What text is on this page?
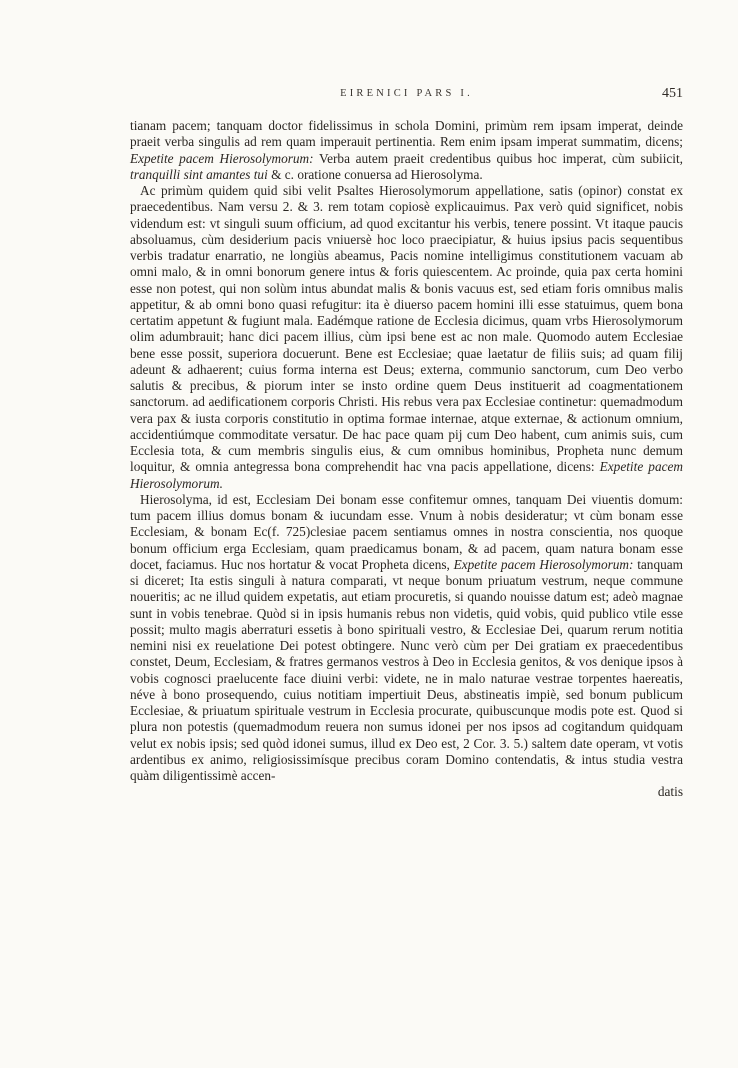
EIRENICI PARS I.	451

tianam pacem; tanquam doctor fidelissimus in schola Domini, primùm rem ipsam imperat, deinde praeit verba singulis ad rem quam imperauit pertinentia. Rem enim ipsam imperat summatim, dicens; Expetite pacem Hierosolymorum: Verba autem praeit credentibus quibus hoc imperat, cùm subiicit, tranquilli sint amantes tui & c. oratione conuersa ad Hierosolyma.

Ac primùm quidem quid sibi velit Psaltes Hierosolymorum appellatione, satis (opinor) constat ex praecedentibus. Nam versu 2. & 3. rem totam copiosè explicauimus. Pax verò quid significet, nobis videndum est: vt singuli suum officium, ad quod excitantur his verbis, tenere possint. Vt itaque paucis absoluamus, cùm desiderium pacis vniuersè hoc loco praecipiatur, & huius ipsius pacis sequentibus verbis tradatur enarratio, ne longiùs abeamus, Pacis nomine intelligimus constitutionem vacuam ab omni malo, & in omni bonorum genere intus & foris quiescentem. Ac proinde, quia pax certa homini esse non potest, qui non solùm intus abundat malis & bonis vacuus est, sed etiam foris omnibus malis appetitur, & ab omni bono quasi refugitur: ita è diuerso pacem homini illi esse statuimus, quem bona certatim appetunt & fugiunt mala. Eadémque ratione de Ecclesia dicimus, quam vrbs Hierosolymorum olim adumbrauit; hanc dici pacem illius, cùm ipsi bene est ac non male. Quomodo autem Ecclesiae bene esse possit, superiora docuerunt. Bene est Ecclesiae; quae laetatur de filiis suis; ad quam filij adeunt & adhaerent; cuius forma interna est Deus; externa, communio sanctorum, cum Deo verbo salutis & precibus, & piorum inter se insto ordine quem Deus instituerit ad coagmentationem sanctorum. ad aedificationem corporis Christi. His rebus vera pax Ecclesiae continetur: quemadmodum vera pax & iusta corporis constitutio in optima formae internae, atque externae, & actionum omnium, accidentiúmque commoditate versatur. De hac pace quam pij cum Deo habent, cum animis suis, cum Ecclesia tota, & cum membris singulis eius, & cum omnibus hominibus, Propheta nunc demum loquitur, & omnia antegressa bona comprehendit hac vna pacis appellatione, dicens: Expetite pacem Hierosolymorum.

Hierosolyma, id est, Ecclesiam Dei bonam esse confitemur omnes, tanquam Dei viuentis domum: tum pacem illius domus bonam & iucundam esse. Vnum à nobis desideratur; vt cùm bonam esse Ecclesiam, & bonam Ec(f. 725)clesiae pacem sentiamus omnes in nostra conscientia, nos quoque bonum officium erga Ecclesiam, quam praedicamus bonam, & ad pacem, quam natura bonam esse docet, faciamus. Huc nos hortatur & vocat Propheta dicens, Expetite pacem Hierosolymorum: tanquam si diceret; Ita estis singuli à natura comparati, vt neque bonum priuatum vestrum, neque commune noueritis; ac ne illud quidem expetatis, aut etiam procuretis, si quando nouisse datum est; adeò magnae sunt in vobis tenebrae. Quòd si in ipsis humanis rebus non videtis, quid vobis, quid publico vtile esse possit; multo magis aberraturi essetis à bono spirituali vestro, & Ecclesiae Dei, quarum rerum notitia nemini nisi ex reuelatione Dei potest obtingere. Nunc verò cùm per Dei gratiam ex praecedentibus constet, Deum, Ecclesiam, & fratres germanos vestros à Deo in Ecclesia genitos, & vos denique ipsos à vobis cognosci praelucente face diuini verbi: videte, ne in malo naturae vestrae torpentes haereatis, néve à bono prosequendo, cuius notitiam impertiuit Deus, abstineatis impiè, sed bonum publicum Ecclesiae, & priuatum spirituale vestrum in Ecclesia procurate, quibuscunque modis pote est. Quod si plura non potestis (quemadmodum reuera non sumus idonei per nos ipsos ad cogitandum quidquam velut ex nobis ipsis; sed quòd idonei sumus, illud ex Deo est, 2 Cor. 3. 5.) saltem date operam, vt votis ardentibus ex animo, religiosissimísque precibus coram Domino contendatis, & intus studia vestra quàm diligentissimè accen-

datis
